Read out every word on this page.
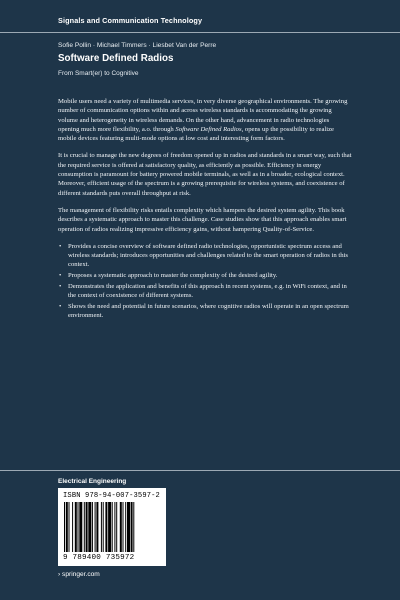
Signals and Communication Technology
Sofie Pollin · Michael Timmers · Liesbet Van der Perre
Software Defined Radios
From Smart(er) to Cognitive

Mobile users need a variety of multimedia services, in very diverse geographical environments. The growing number of communication options within and across wireless standards is accommodating the growing volume and heterogeneity in wireless demands. On the other hand, advancement in radio technologies opening much more flexibility, a.o. through Software Defined Radios, opens up the possibility to realize mobile devices featuring multi-mode options at low cost and interesting form factors.

It is crucial to manage the new degrees of freedom opened up in radios and standards in a smart way, such that the required service is offered at satisfactory quality, as efficiently as possible. Efficiency in energy consumption is paramount for battery powered mobile terminals, as well as in a broader, ecological context. Moreover, efficient usage of the spectrum is a growing prerequisite for wireless systems, and coexistence of different standards puts overall throughput at risk.

The management of flexibility risks entails complexity which hampers the desired system agility. This book describes a systematic approach to master this challenge. Case studies show that this approach enables smart operation of radios realizing impressive efficiency gains, without hampering Quality-of-Service.

• Provides a concise overview of software defined radio technologies, opportunistic spectrum access and wireless standards; introduces opportunities and challenges related to the smart operation of radios in this context.
• Proposes a systematic approach to master the complexity of the desired agility.
• Demonstrates the application and benefits of this approach in recent systems, e.g. in WiFi context, and in the context of coexistence of different systems.
• Shows the need and potential in future scenarios, where cognitive radios will operate in an open spectrum environment.
Electrical Engineering
ISBN 978-94-007-3597-2
9 789400 735972
› springer.com
